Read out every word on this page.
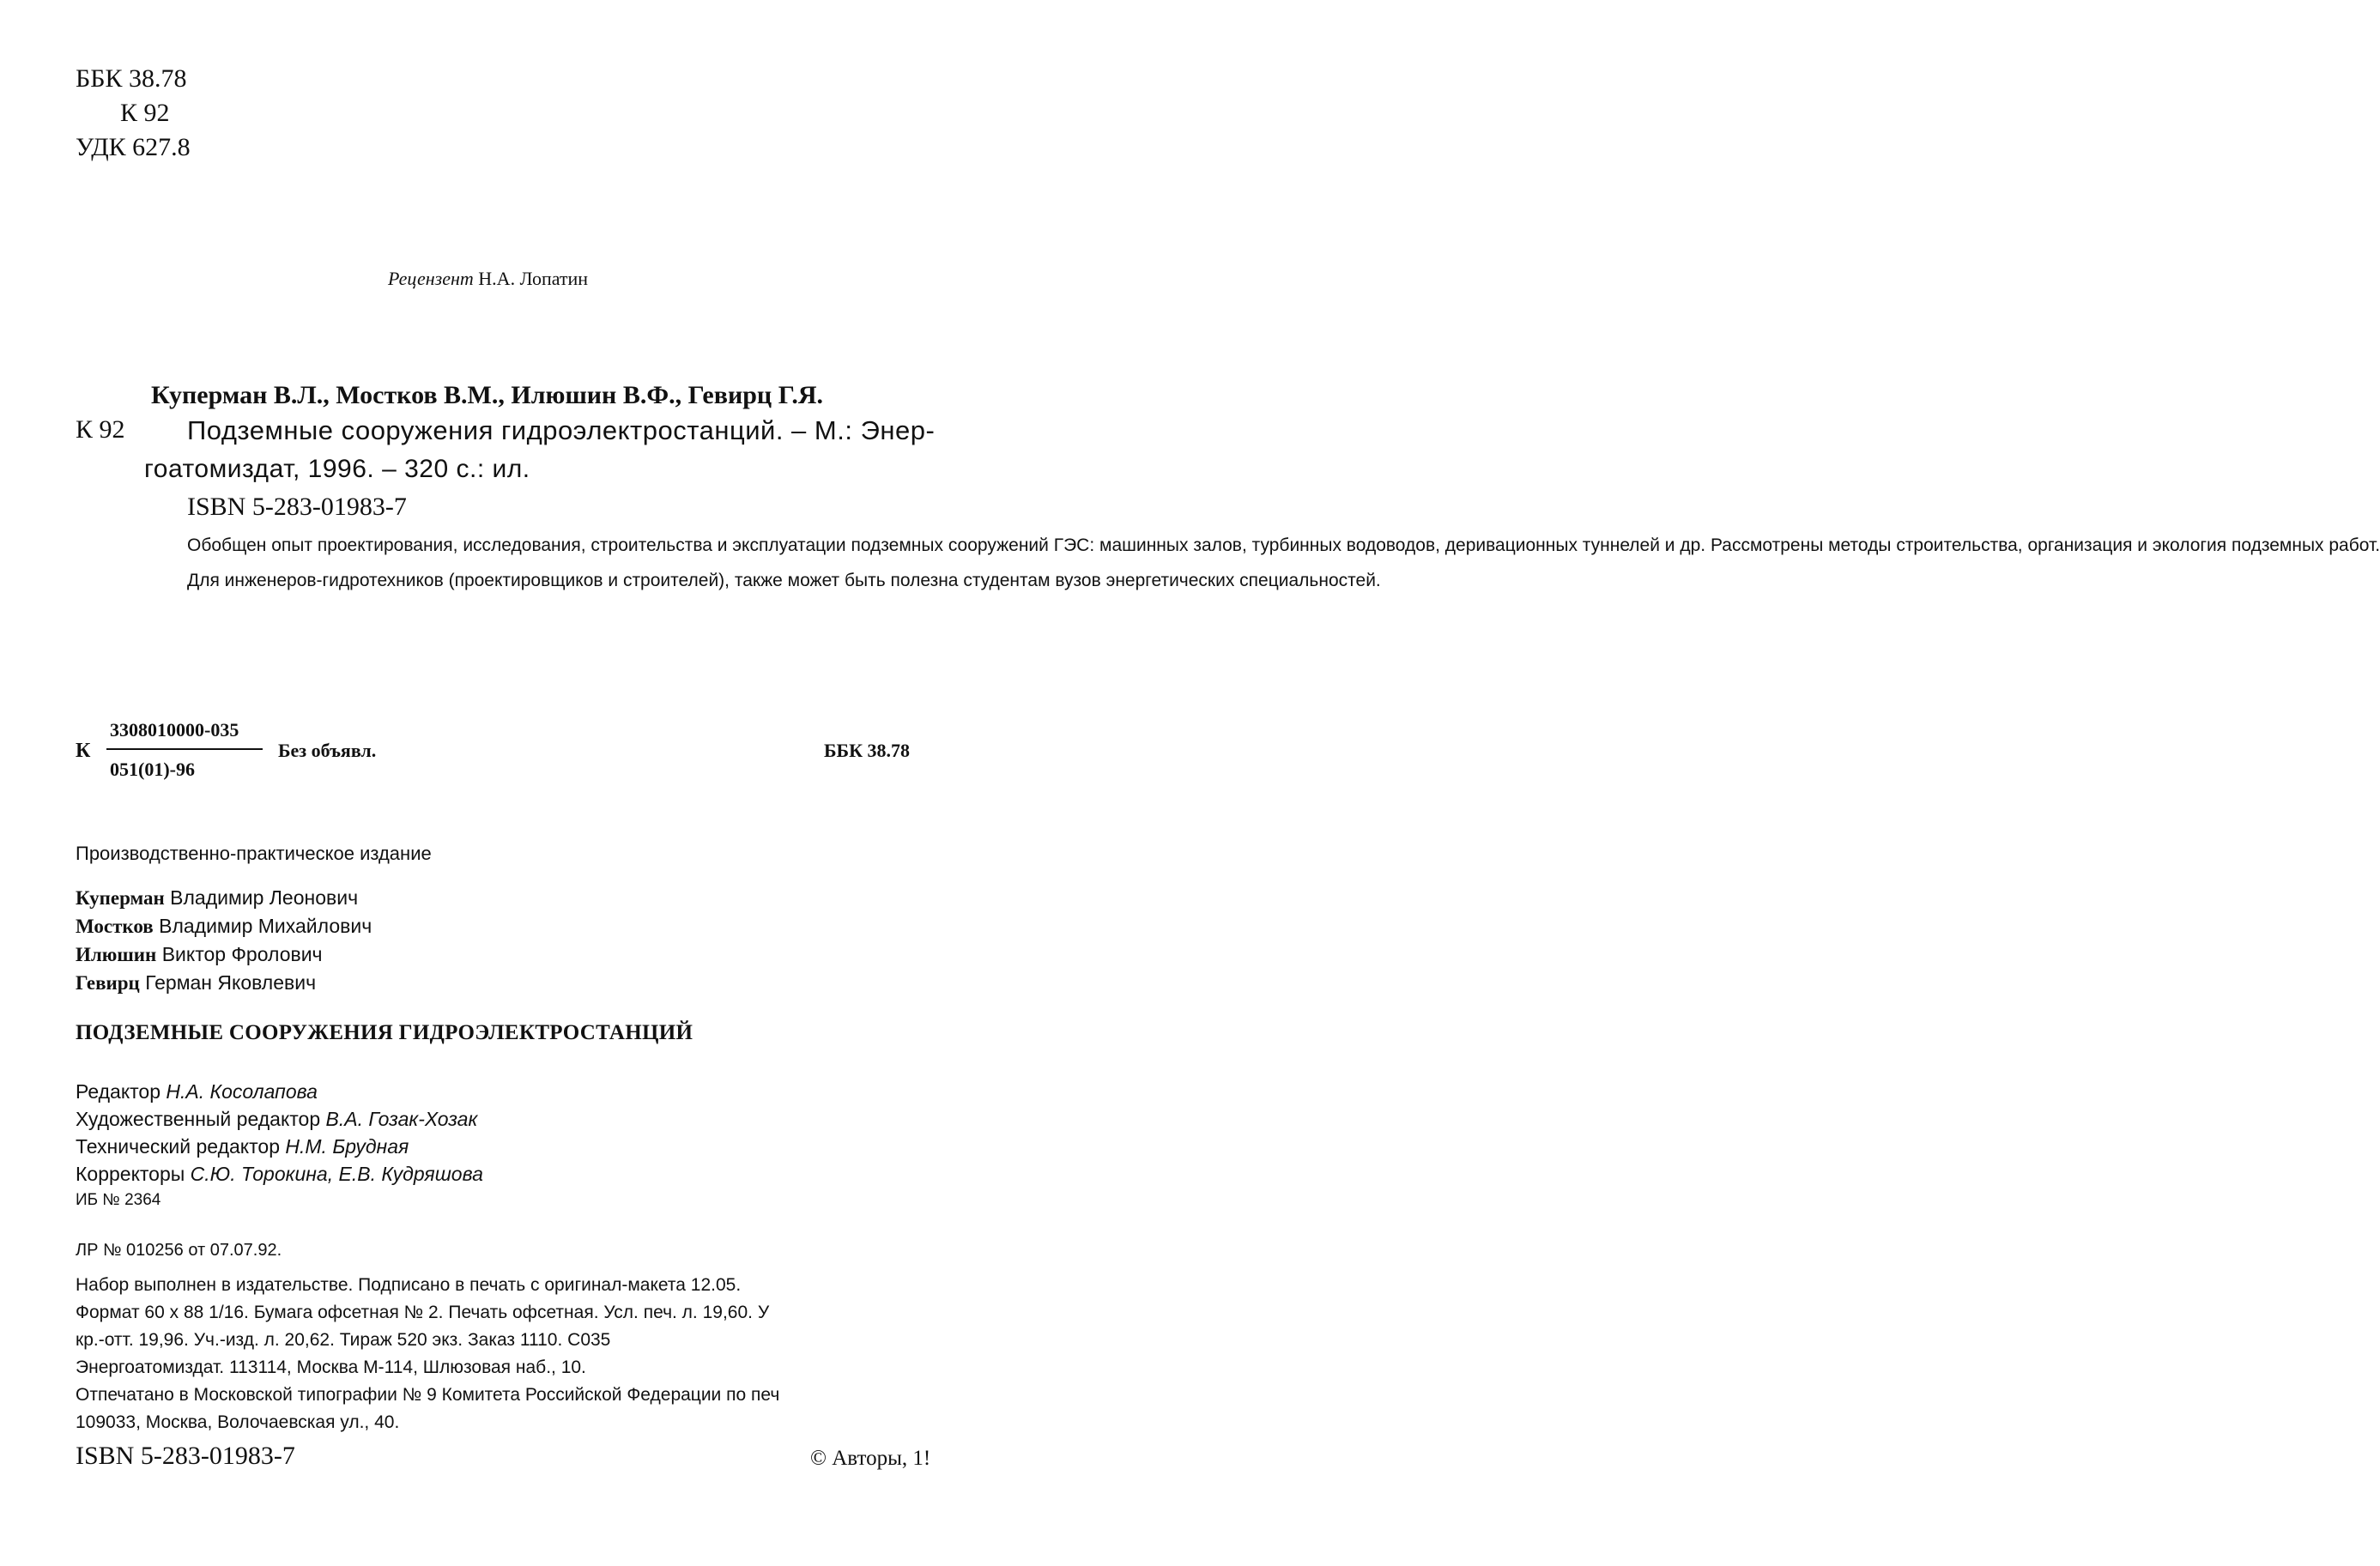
ББК 38.78
К 92
УДК 627.8
Рецензент Н.А. Лопатин
Куперман В.Л., Мостков В.М., Илюшин В.Ф., Гевирц Г.Я.
К 92 Подземные сооружения гидроэлектростанций. – М.: Энер-
гоатомиздат, 1996. – 320 с.: ил.
ISBN 5-283-01983-7

Обобщен опыт проектирования, исследования, строительства и эксплуатации подземных сооружений ГЭС: машинных залов, турбинных водоводов, деривационных туннелей и др. Рассмотрены методы строительства, организация и экология подземных работ.

Для инженеров-гидротехников (проектировщиков и строителей), также может быть полезна студентам вузов энергетических специальностей.

К
3308010000-035
051(01)-96
Без объявл.	ББК 38.78
Производственно-практическое издание
Куперман Владимир Леонович
Мостков Владимир Михайлович
Илюшин Виктор Фролович
Гевирц Герман Яковлевич
ПОДЗЕМНЫЕ СООРУЖЕНИЯ ГИДРОЭЛЕКТРОСТАНЦИЙ
Редактор Н.А. Косолапова
Художественный редактор В.А. Гозак-Хозак
Технический редактор Н.М. Брудная
Корректоры С.Ю. Торокина, Е.В. Кудряшова
ИБ № 2364
ЛР № 010256 от 07.07.92.
Набор выполнен в издательстве. Подписано в печать с оригинал-макета 12.05.
Формат 60 x 88 1/16. Бумага офсетная № 2. Печать офсетная. Усл. печ. л. 19,60. У
кр.-отт. 19,96. Уч.-изд. л. 20,62. Тираж 520 экз. Заказ 1110. С035
Энергоатомиздат. 113114, Москва М-114, Шлюзовая наб., 10.
Отпечатано в Московской типографии № 9 Комитета Российской Федерации по печ
109033, Москва, Волочаевская ул., 40.
ISBN 5-283-01983-7	© Авторы, 1!
